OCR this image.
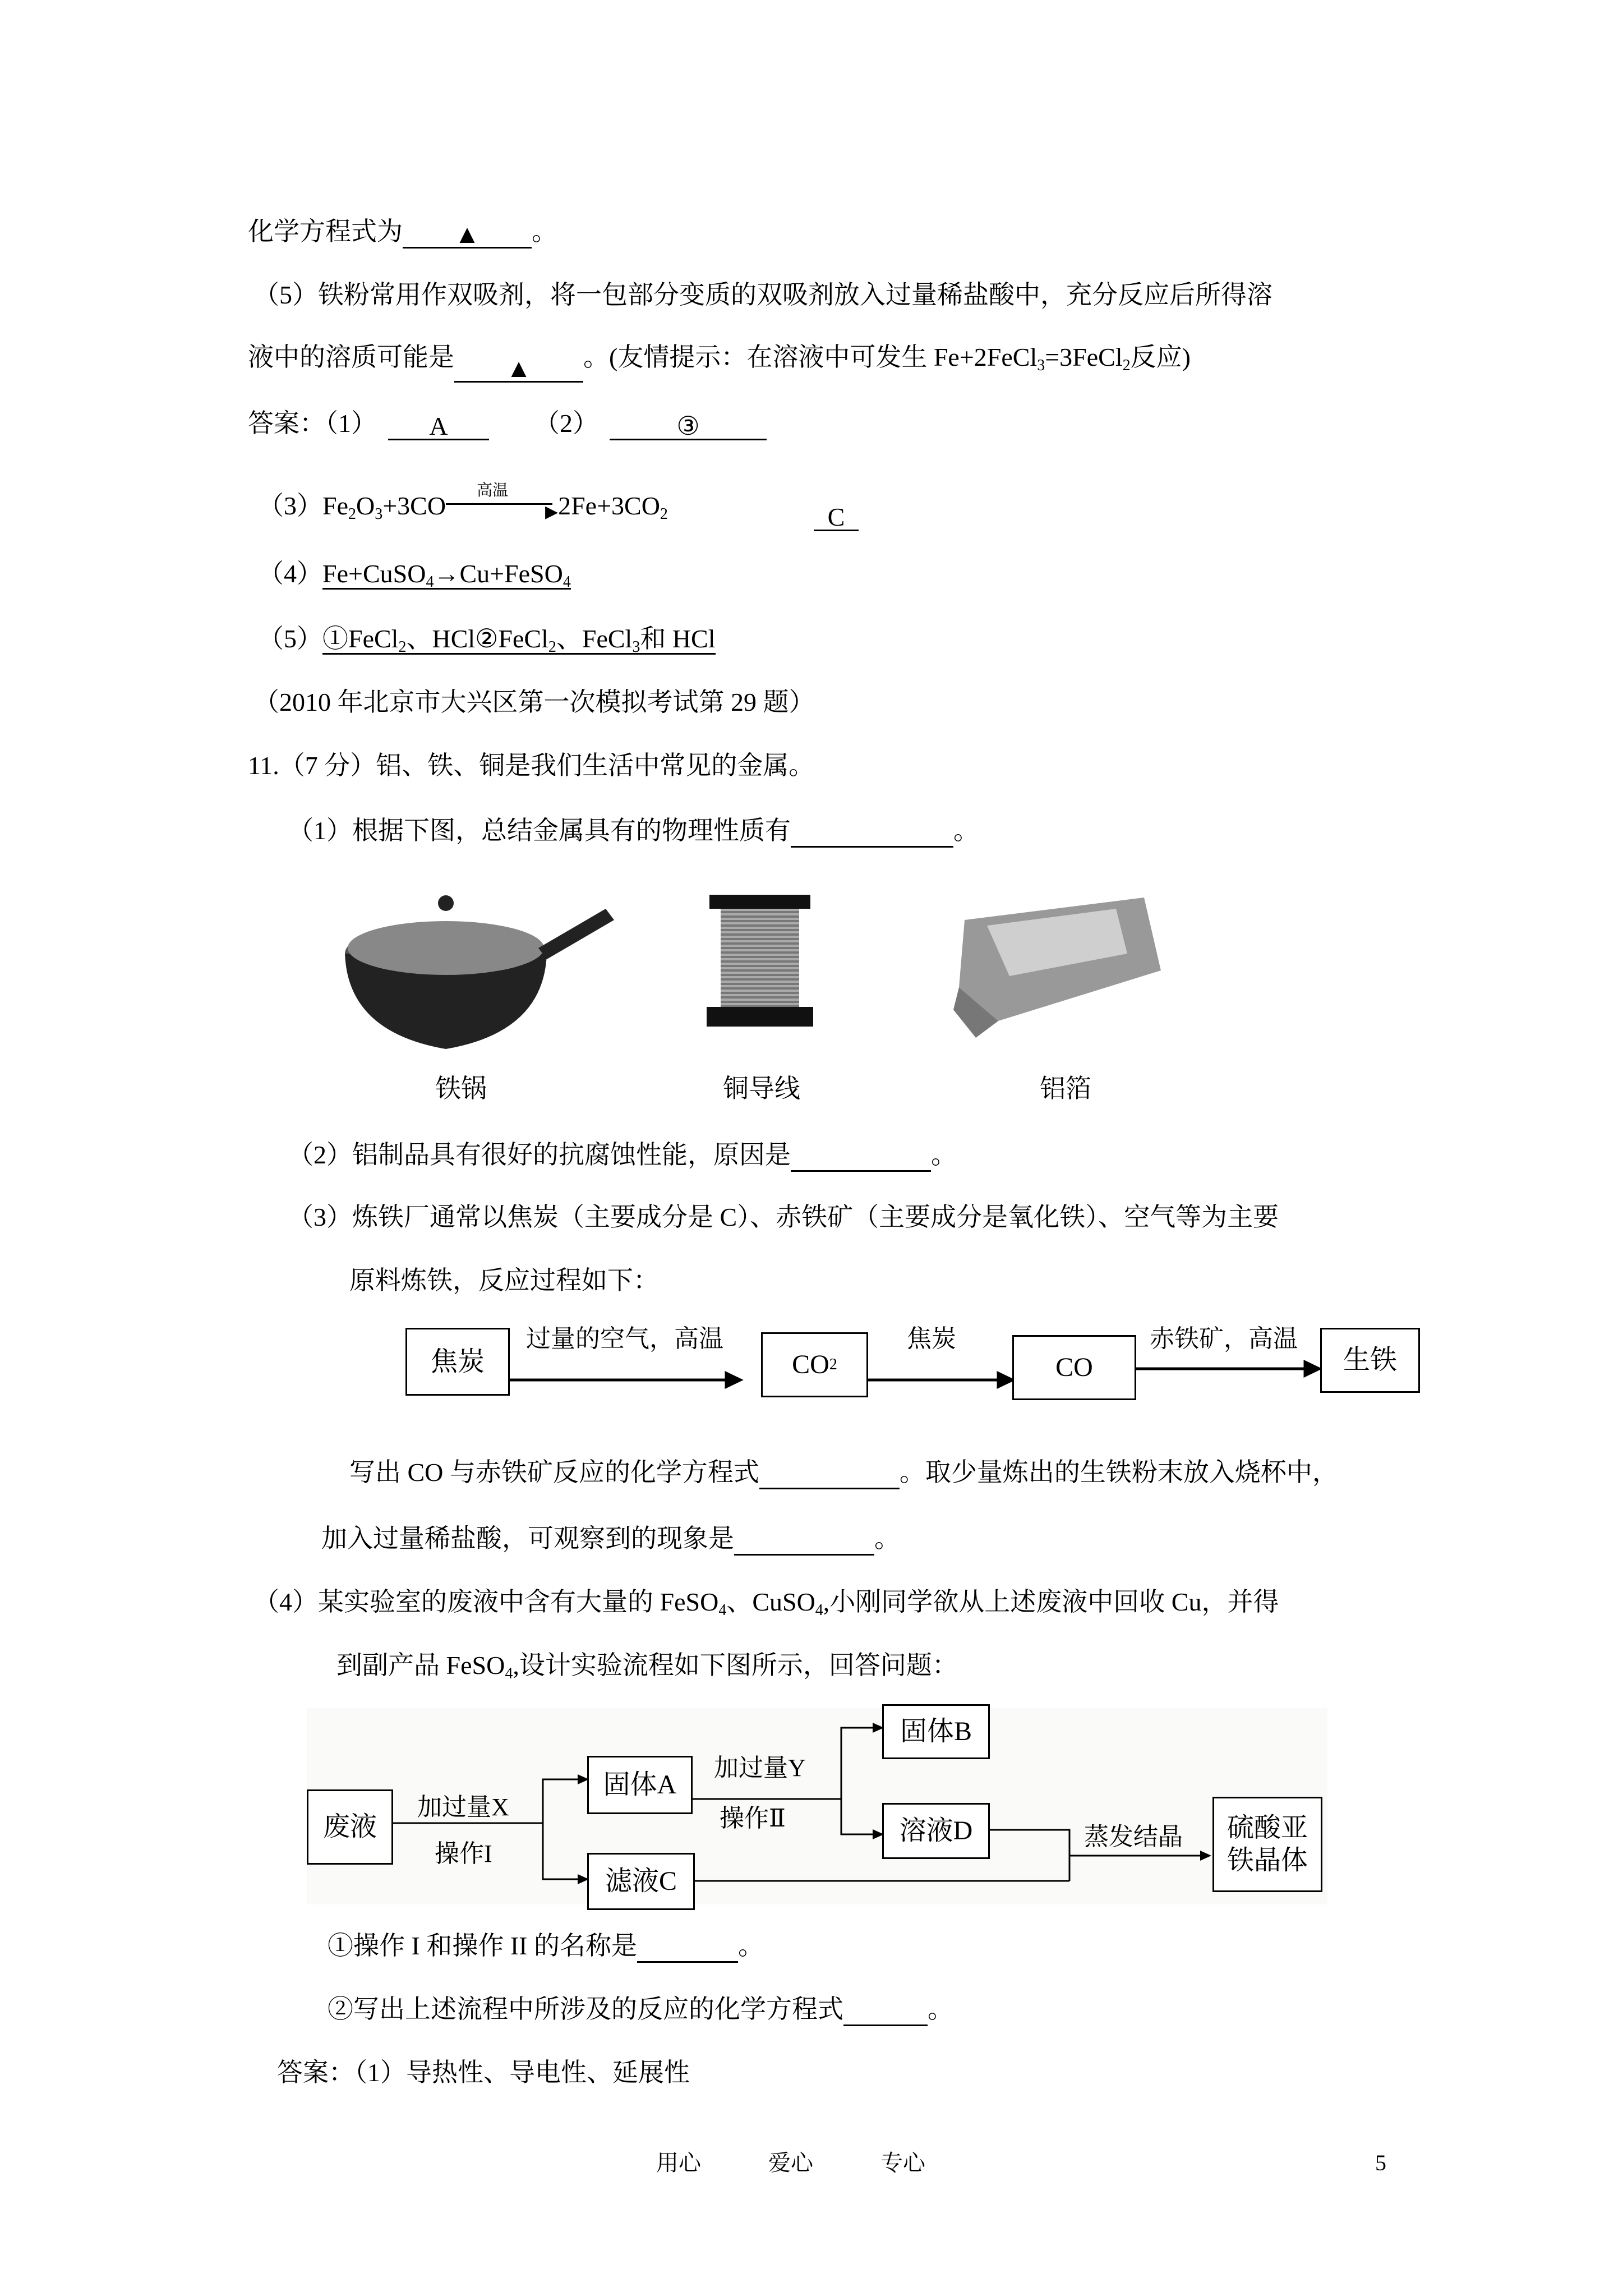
化学方程式为 ▲ 。
（5）铁粉常用作双吸剂，将一包部分变质的双吸剂放入过量稀盐酸中，充分反应后所得溶
液中的溶质可能是 ▲ 。(友情提示：在溶液中可发生 Fe+2FeCl$_3$=3FeCl$_2$反应)
答案：（1） A	（2）	③
$(3)Fe_2O_3+3CO$
高温
▶ $2Fe+3CO_2$	C
（4）Fe+CuSO$_4$→Cu+FeSO$_4$
（5）①FeCl$_2$、HCl②FeCl$_2$、FeCl$_3$和 HCl
（2010 年北京市大兴区第一次模拟考试第 29 题）
11.（7 分）铝、铁、铜是我们生活中常见的金属。
（1）根据下图，总结金属具有的物理性质有	。
铁锅	铜导线	铝箔
（2）铝制品具有很好的抗腐蚀性能，原因是	。
（3）炼铁厂通常以焦炭（主要成分是 C）、赤铁矿（主要成分是氧化铁）、空气等为主要
原料炼铁，反应过程如下：
焦炭
过量的空气，高温
CO 2
焦炭
CO
赤铁矿，高温
生铁
写出 CO 与赤铁矿反应的化学方程式	。取少量炼出的生铁粉末放入烧杯中，
加入过量稀盐酸，可观察到的现象是	。
（4）某实验室的废液中含有大量的 FeSO$_4$、CuSO$_4$,小刚同学欲从上述废液中回收 Cu，并得
到副产品 FeSO$_4$,设计实验流程如下图所示，回答问题：
废液
加过量X
操作I
固体A
滤液C
加过量Y
操作Ⅱ
固体B
溶液D	蒸发结晶	硫酸亚铁晶体
①操作 I 和操作 II 的名称是	。
②写出上述流程中所涉及的反应的化学方程式	。
答案：（1）导热性、导电性、延展性
用心	爱心	专心	5
